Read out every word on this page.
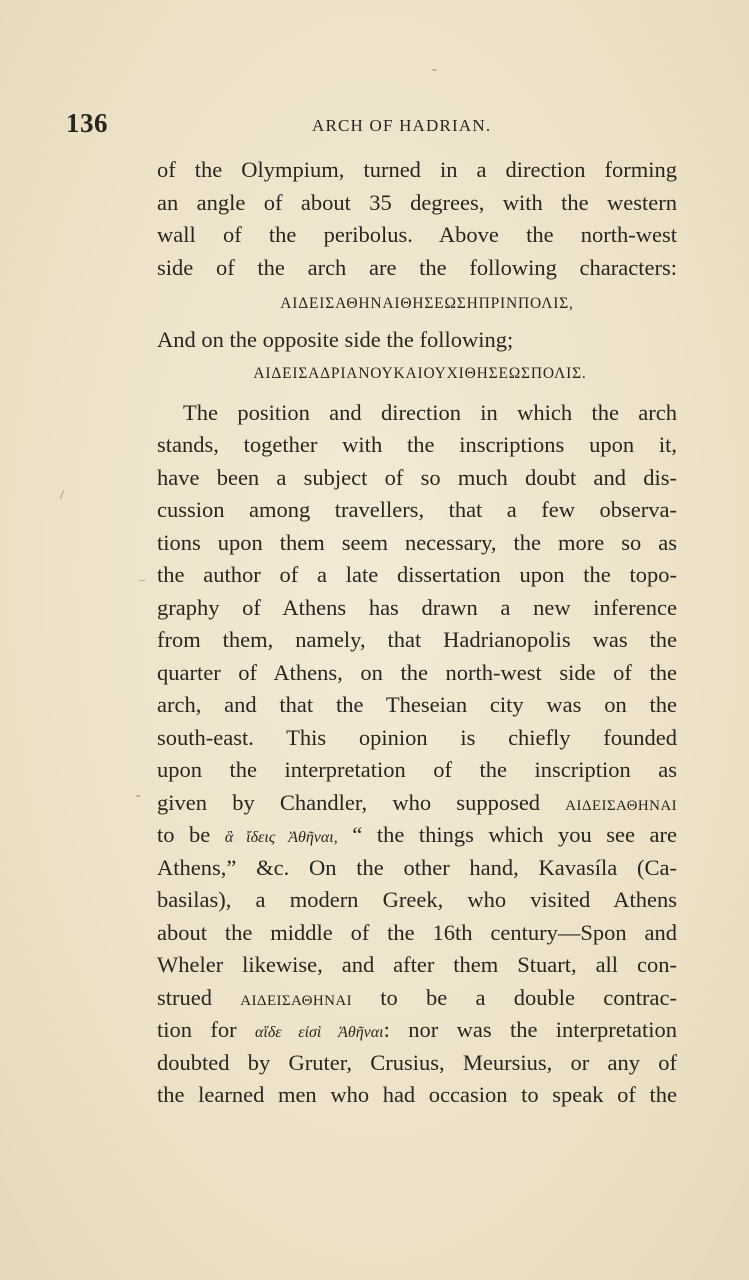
136	ARCH OF HADRIAN.
of the Olympium, turned in a direction forming
an angle of about 35 degrees, with the western
wall of the peribolus. Above the north-west
side of the arch are the following characters:
ΑΙΔΕΙΣΑΘΗΝΑΙΘΗΣΕΩΣΗΠΡΙΝΠΟΛΙΣ,
And on the opposite side the following;
ΑΙΔΕΙΣΑΔΡΙΑΝΟΥΚΑΙΟΥΧΙΘΗΣΕΩΣΠΟΛΙΣ.
The position and direction in which the arch
stands, together with the inscriptions upon it,
have been a subject of so much doubt and dis-
cussion among travellers, that a few observa-
tions upon them seem necessary, the more so as
the author of a late dissertation upon the topo-
graphy of Athens has drawn a new inference
from them, namely, that Hadrianopolis was the
quarter of Athens, on the north-west side of the
arch, and that the Theseian city was on the
south-east. This opinion is chiefly founded
upon the interpretation of the inscription as
given by Chandler, who supposed ΑΙΔΕΙΣΑΘΗΝΑΙ
to be ἃ ἴδεις Ἀθῆναι, “ the things which you see are
Athens,” &c. On the other hand, Kavasíla (Ca-
basilas), a modern Greek, who visited Athens
about the middle of the 16th century—Spon and
Wheler likewise, and after them Stuart, all con-
strued ΑΙΔΕΙΣΑΘΗΝΑΙ to be a double contrac-
tion for αἵδε εἰσὶ Ἀθῆναι: nor was the interpretation
doubted by Gruter, Crusius, Meursius, or any of
the learned men who had occasion to speak of the
/
‾
-
-
